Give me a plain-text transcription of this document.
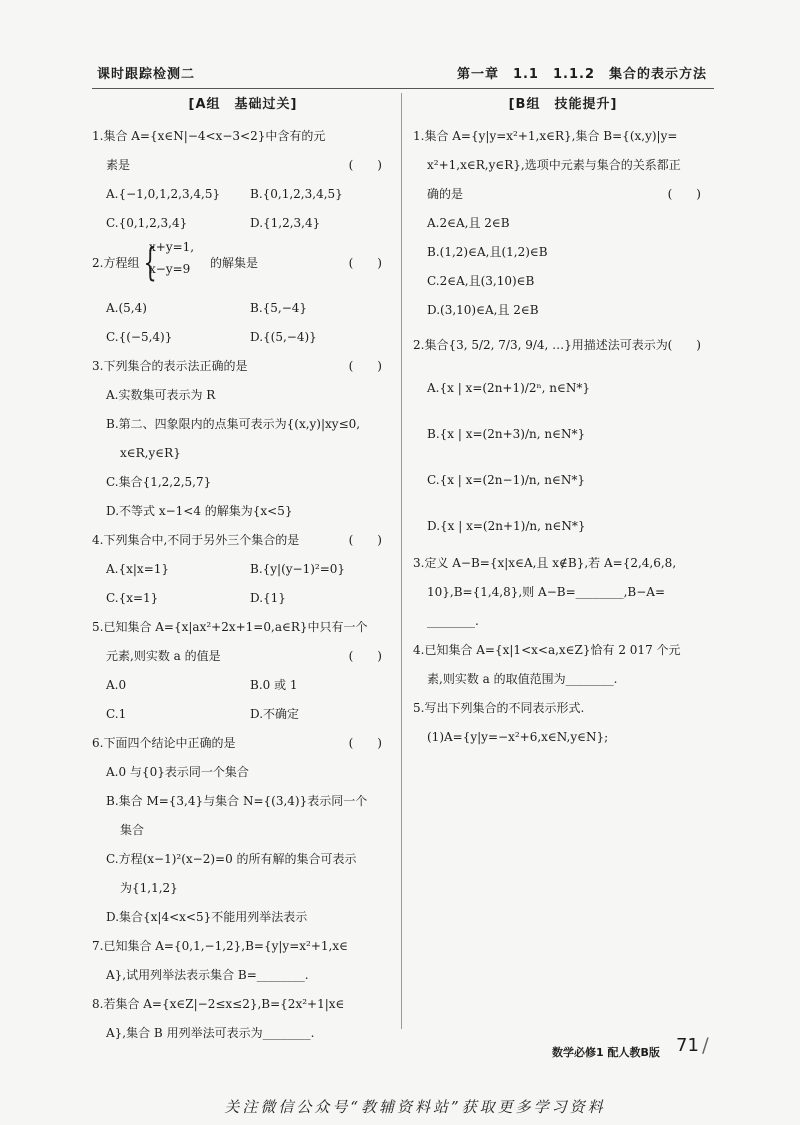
课时跟踪检测二	第一章　1.1　1.1.2　集合的表示方法
[A组　基础过关]
1.集合 A={x∈N|−4<x−3<2}中含有的元
素是	(　　)
A.{−1,0,1,2,3,4,5}	B.{0,1,2,3,4,5}
C.{0,1,2,3,4}	D.{1,2,3,4}
2.方程组 {
x+y=1,
x−y=9 的解集是	(　　)
A.(5,4)	B.{5,−4}
C.{(−5,4)}	D.{(5,−4)}
3.下列集合的表示法正确的是	(　　)
A.实数集可表示为 R
B.第二、四象限内的点集可表示为{(x,y)|xy≤0,
x∈R,y∈R}
C.集合{1,2,2,5,7}
D.不等式 x−1<4 的解集为{x<5}
4.下列集合中,不同于另外三个集合的是	(　　)
A.{x|x=1}	B.{y|(y−1)²=0}
C.{x=1}	D.{1}
5.已知集合 A={x|ax²+2x+1=0,a∈R}中只有一个
元素,则实数 a 的值是	(　　)
A.0	B.0 或 1
C.1	D.不确定
6.下面四个结论中正确的是	(　　)
A.0 与{0}表示同一个集合
B.集合 M={3,4}与集合 N={(3,4)}表示同一个
集合
C.方程(x−1)²(x−2)=0 的所有解的集合可表示
为{1,1,2}
D.集合{x|4<x<5}不能用列举法表示
7.已知集合 A={0,1,−1,2},B={y|y=x²+1,x∈
A},试用列举法表示集合 B=________.
8.若集合 A={x∈Z|−2≤x≤2},B={2x²+1|x∈
A},集合 B 用列举法可表示为________.
[B组　技能提升]
1.集合 A={y|y=x²+1,x∈R},集合 B={(x,y)|y=
x²+1,x∈R,y∈R},选项中元素与集合的关系都正
确的是	(　　)
A.2∈A,且 2∈B
B.(1,2)∈A,且(1,2)∈B
C.2∈A,且(3,10)∈B
D.(3,10)∈A,且 2∈B
2.集合{3, 5/2, 7/3, 9/4, …}用描述法可表示为 (　　)
A.{x | x=(2n+1)/2ⁿ, n∈N*}
B.{x | x=(2n+3)/n, n∈N*}
C.{x | x=(2n−1)/n, n∈N*}
D.{x | x=(2n+1)/n, n∈N*}
3.定义 A−B={x|x∈A,且 x∉B},若 A={2,4,6,8,
10},B={1,4,8},则 A−B=________,B−A=
________.
4.已知集合 A={x|1<x<a,x∈Z}恰有 2 017 个元
素,则实数 a 的取值范围为________.
5.写出下列集合的不同表示形式.
(1)A={y|y=−x²+6,x∈N,y∈N};
数学必修1 配人教B版 71 /
关注微信公众号“教辅资料站”获取更多学习资料
